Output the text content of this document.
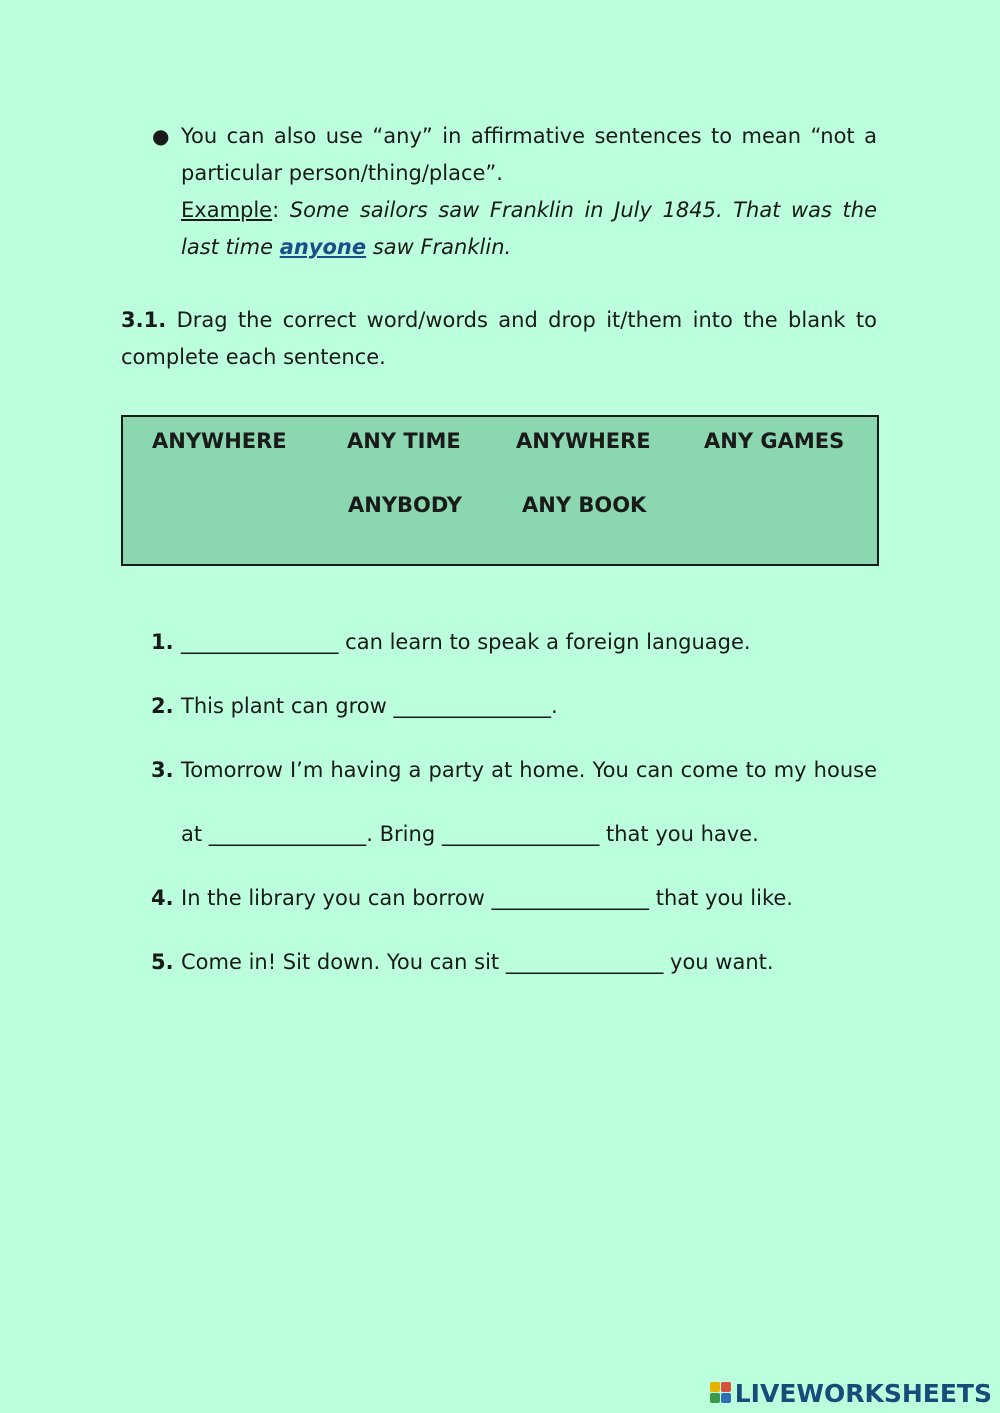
● You can also use “any” in affirmative sentences to mean “not a particular person/thing/place”.
Example: Some sailors saw Franklin in July 1845. That was the last time anyone saw Franklin.
3.1. Drag the correct word/words and drop it/them into the blank to complete each sentence.
ANYWHERE	ANY TIME	ANYWHERE	ANY GAMES
ANYBODY	ANY BOOK
1. _______________ can learn to speak a foreign language.
2. This plant can grow _______________.
3. Tomorrow I’m having a party at home. You can come to my house
at _______________. Bring _______________ that you have.
4. In the library you can borrow _______________ that you like.
5. Come in! Sit down. You can sit _______________ you want.
LIVEWORKSHEETS
